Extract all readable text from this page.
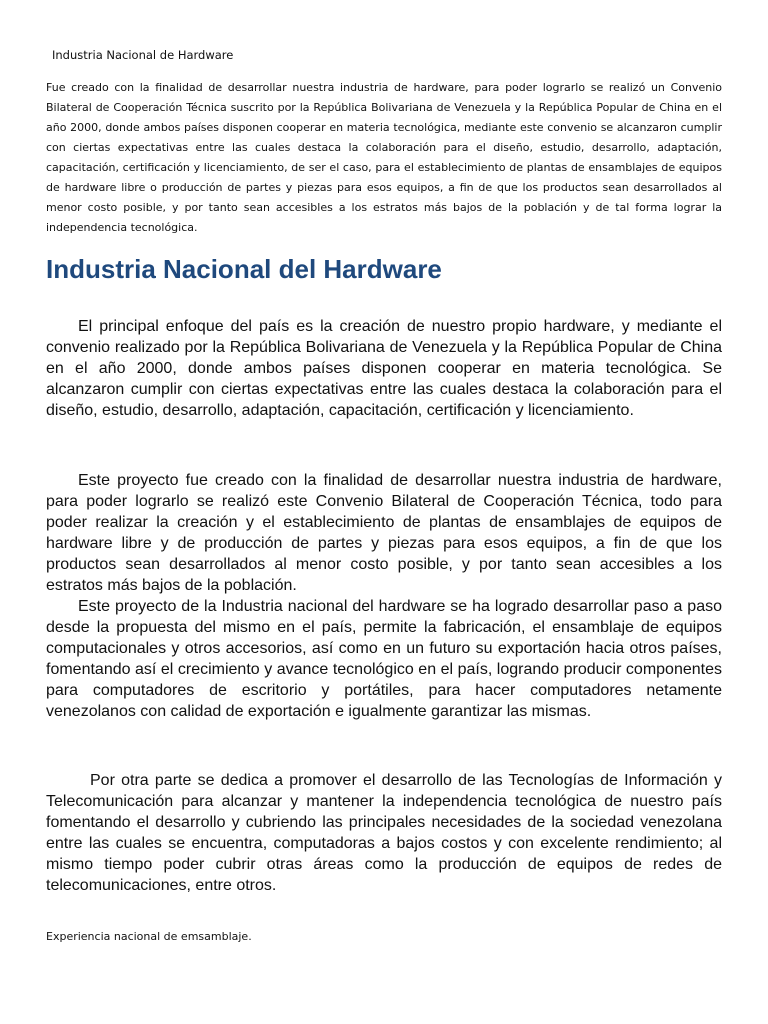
Industria Nacional de Hardware

Fue creado con la finalidad de desarrollar nuestra industria de hardware, para poder lograrlo se realizó un Convenio Bilateral de Cooperación Técnica suscrito por la República Bolivariana de Venezuela y la República Popular de China en el año 2000, donde ambos países disponen cooperar en materia tecnológica, mediante este convenio se alcanzaron cumplir con ciertas expectativas entre las cuales destaca la colaboración para el diseño, estudio, desarrollo, adaptación, capacitación, certificación y licenciamiento, de ser el caso, para el establecimiento de plantas de ensamblajes de equipos de hardware libre o producción de partes y piezas para esos equipos, a fin de que los productos sean desarrollados al menor costo posible, y por tanto sean accesibles a los estratos más bajos de la población y de tal forma lograr la independencia tecnológica.

Industria Nacional del Hardware

El principal enfoque del país es la creación de nuestro propio hardware, y mediante el convenio realizado por la República Bolivariana de Venezuela y la República Popular de China en el año 2000, donde ambos países disponen cooperar en materia tecnológica. Se alcanzaron cumplir con ciertas expectativas entre las cuales destaca la colaboración para el diseño, estudio, desarrollo, adaptación, capacitación, certificación y licenciamiento.

Este proyecto fue creado con la finalidad de desarrollar nuestra industria de hardware, para poder lograrlo se realizó este Convenio Bilateral de Cooperación Técnica, todo para poder realizar la creación y el establecimiento de plantas de ensamblajes de equipos de hardware libre y de producción de partes y piezas para esos equipos, a fin de que los productos sean desarrollados al menor costo posible, y por tanto sean accesibles a los estratos más bajos de la población.

Este proyecto de la Industria nacional del hardware se ha logrado desarrollar paso a paso desde la propuesta del mismo en el país, permite la fabricación, el ensamblaje de equipos computacionales y otros accesorios, así como en un futuro su exportación hacia otros países, fomentando así el crecimiento y avance tecnológico en el país, logrando producir componentes para computadores de escritorio y portátiles, para hacer computadores netamente venezolanos con calidad de exportación e igualmente garantizar las mismas.

Por otra parte se dedica a promover el desarrollo de las Tecnologías de Información y Telecomunicación para alcanzar y mantener la independencia tecnológica de nuestro país fomentando el desarrollo y cubriendo las principales necesidades de la sociedad venezolana entre las cuales se encuentra, computadoras a bajos costos y con excelente rendimiento; al mismo tiempo poder cubrir otras áreas como la producción de equipos de redes de telecomunicaciones, entre otros.

Experiencia nacional de emsamblaje.
